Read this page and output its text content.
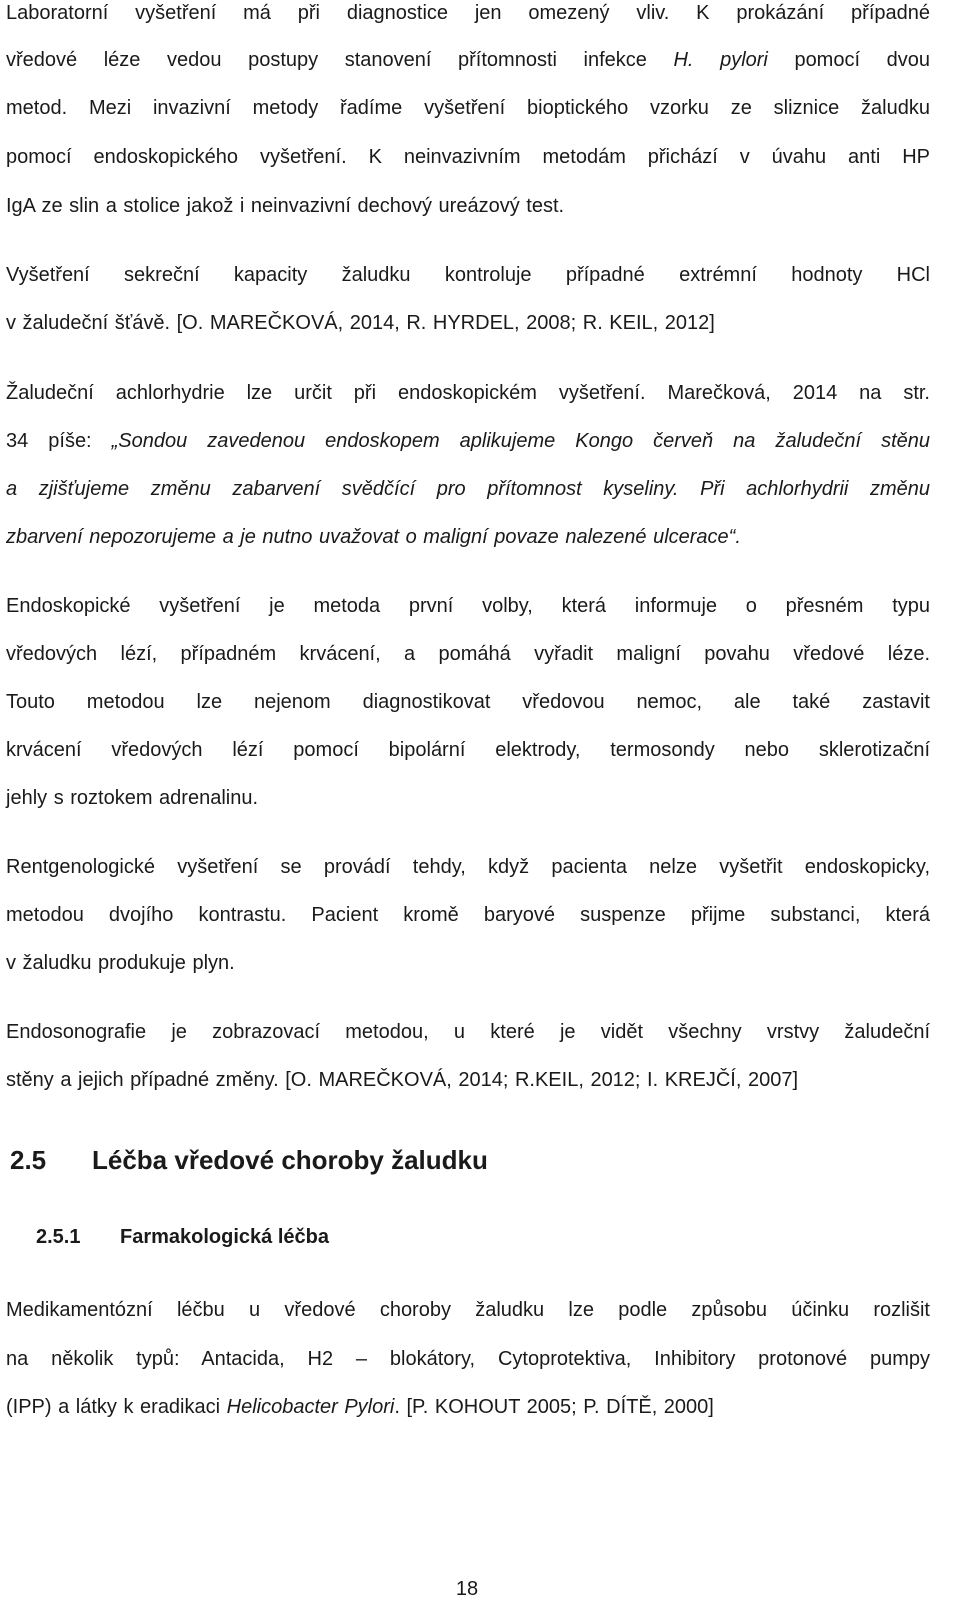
Laboratorní vyšetření má při diagnostice jen omezený vliv. K prokázání případné
vředové léze vedou postupy stanovení přítomnosti infekce H. pylori pomocí dvou
metod. Mezi invazivní metody řadíme vyšetření bioptického vzorku ze sliznice žaludku
pomocí endoskopického vyšetření. K neinvazivním metodám přichází v úvahu anti HP
IgA ze slin a stolice jakož i neinvazivní dechový ureázový test.
Vyšetření sekreční kapacity žaludku kontroluje případné extrémní hodnoty HCl
v žaludeční šťávě. [O. MAREČKOVÁ, 2014, R. HYRDEL, 2008; R. KEIL, 2012]
Žaludeční achlorhydrie lze určit při endoskopickém vyšetření. Marečková, 2014 na str.
34 píše: „Sondou zavedenou endoskopem aplikujeme Kongo červeň na žaludeční stěnu
a zjišťujeme změnu zabarvení svědčící pro přítomnost kyseliny. Při achlorhydrii změnu
zbarvení nepozorujeme a je nutno uvažovat o maligní povaze nalezené ulcerace“.
Endoskopické vyšetření je metoda první volby, která informuje o přesném typu
vředových lézí, případném krvácení, a pomáhá vyřadit maligní povahu vředové léze.
Touto metodou lze nejenom diagnostikovat vředovou nemoc, ale také zastavit
krvácení vředových lézí pomocí bipolární elektrody, termosondy nebo sklerotizační
jehly s roztokem adrenalinu.
Rentgenologické vyšetření se provádí tehdy, když pacienta nelze vyšetřit endoskopicky,
metodou dvojího kontrastu. Pacient kromě baryové suspenze přijme substanci, která
v žaludku produkuje plyn.
Endosonografie je zobrazovací metodou, u které je vidět všechny vrstvy žaludeční
stěny a jejich případné změny. [O. MAREČKOVÁ, 2014; R.KEIL, 2012; I. KREJČÍ, 2007]
2.5 Léčba vředové choroby žaludku
2.5.1 Farmakologická léčba
Medikamentózní léčbu u vředové choroby žaludku lze podle způsobu účinku rozlišit
na několik typů: Antacida, H2 – blokátory, Cytoprotektiva, Inhibitory protonové pumpy
(IPP) a látky k eradikaci Helicobacter Pylori. [P. KOHOUT 2005; P. DÍTĚ, 2000]
18
